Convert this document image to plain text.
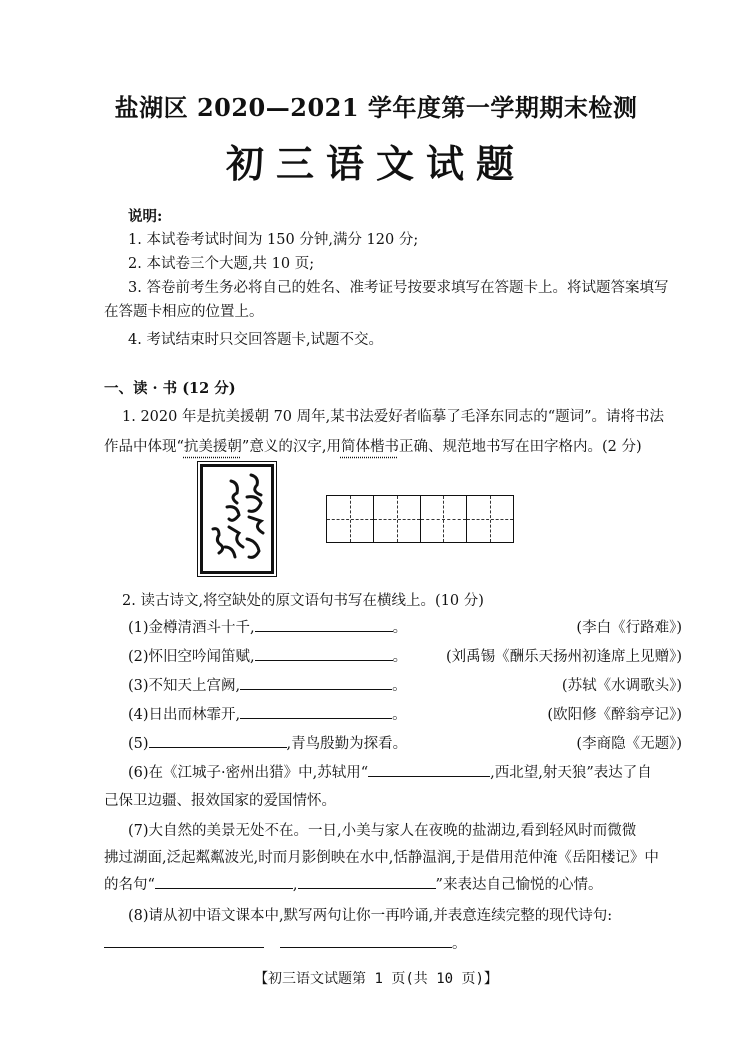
盐湖区 2020—2021 学年度第一学期期末检测
初三语文试题
说明:
1. 本试卷考试时间为 150 分钟,满分 120 分;
2. 本试卷三个大题,共 10 页;
3. 答卷前考生务必将自己的姓名、准考证号按要求填写在答题卡上。将试题答案填写
在答题卡相应的位置上。
4. 考试结束时只交回答题卡,试题不交。
一、读 · 书 (12 分)
1. 2020 年是抗美援朝 70 周年,某书法爱好者临摹了毛泽东同志的“题词”。请将书法
作品中体现“抗美援朝”意义的汉字,用简体楷书正确、规范地书写在田字格内。(2 分)
2. 读古诗文,将空缺处的原文语句书写在横线上。(10 分)
(1)金樽清酒斗十千,	。	(李白《行路难》)
(2)怀旧空吟闻笛赋,	。	(刘禹锡《酬乐天扬州初逢席上见赠》)
(3)不知天上宫阙,	。	(苏轼《水调歌头》)
(4)日出而林霏开,	。	(欧阳修《醉翁亭记》)
(5)	,青鸟殷勤为探看。	(李商隐《无题》)
(6)在《江城子·密州出猎》中,苏轼用“	,西北望,射天狼”表达了自
己保卫边疆、报效国家的爱国情怀。
(7)大自然的美景无处不在。一日,小美与家人在夜晚的盐湖边,看到轻风时而微微
拂过湖面,泛起粼粼波光,时而月影倒映在水中,恬静温润,于是借用范仲淹《岳阳楼记》中
的名句“	,	”来表达自己愉悦的心情。
(8)请从初中语文课本中,默写两句让你一再吟诵,并表意连续完整的现代诗句:
。
【初三语文试题第 1 页(共 10 页)】
